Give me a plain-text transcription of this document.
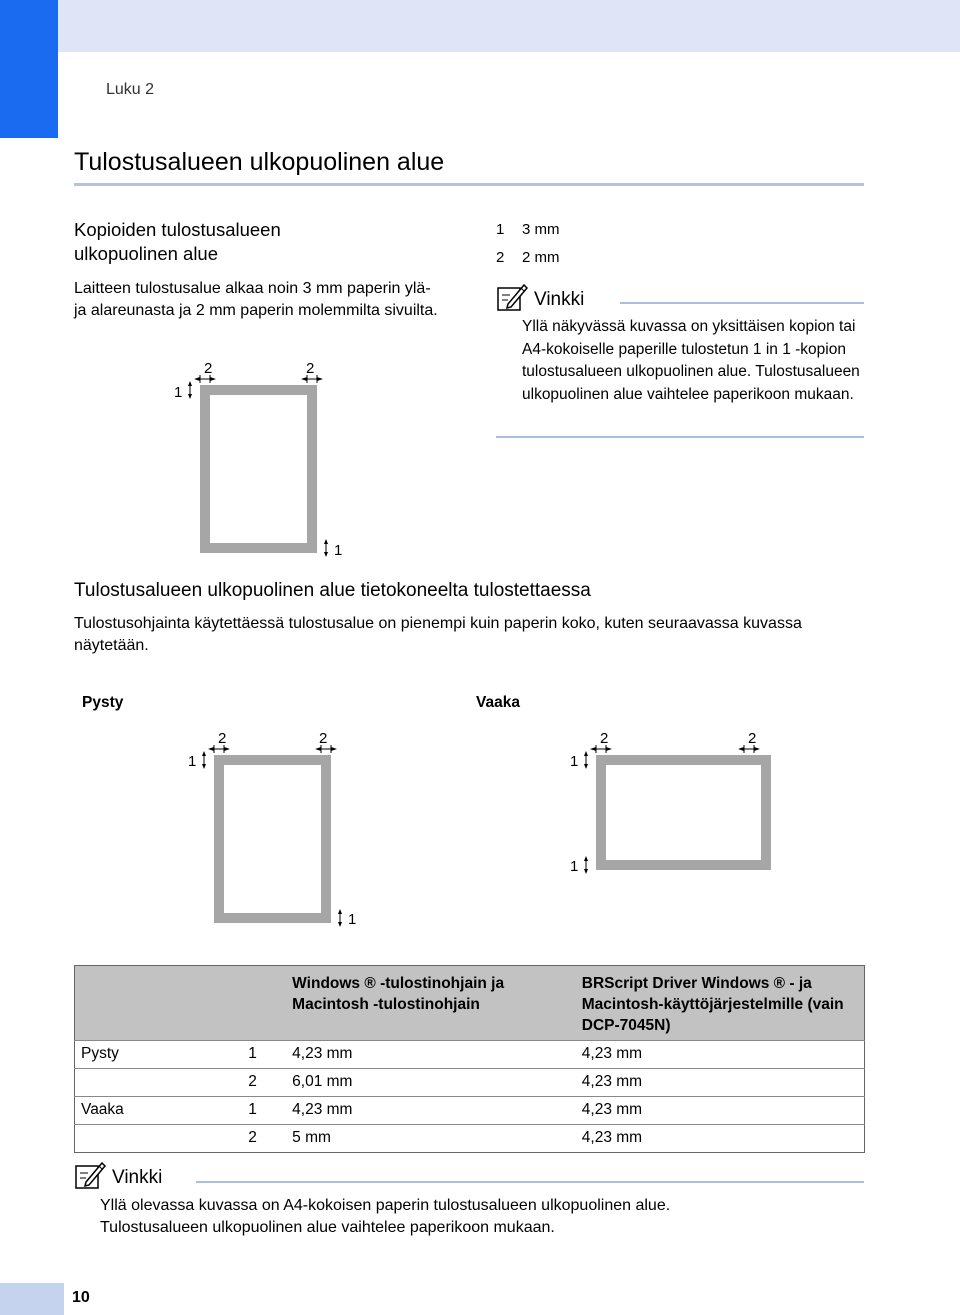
Luku 2
Tulostusalueen ulkopuolinen alue
Kopioiden tulostusalueen ulkopuolinen alue
Laitteen tulostusalue alkaa noin 3 mm paperin ylä- ja alareunasta ja 2 mm paperin molemmilta sivuilta.
2	2
1
1
1 3 mm
2 2 mm
Vinkki
Yllä näkyvässä kuvassa on yksittäisen kopion tai A4-kokoiselle paperille tulostetun 1 in 1 -kopion tulostusalueen ulkopuolinen alue. Tulostusalueen ulkopuolinen alue vaihtelee paperikoon mukaan.
Tulostusalueen ulkopuolinen alue tietokoneelta tulostettaessa
Tulostusohjainta käytettäessä tulostusalue on pienempi kuin paperin koko, kuten seuraavassa kuvassa näytetään.
Pysty	Vaaka
2	2
1
1
2	2
1
1
		Windows ® -tulostinohjain ja Macintosh -tulostinohjain	BRScript Driver Windows ® - ja Macintosh-käyttöjärjestelmille (vain DCP-7045N)
Pysty	1	4,23 mm	4,23 mm
	2	6,01 mm	4,23 mm
Vaaka	1	4,23 mm	4,23 mm
	2	5 mm	4,23 mm
Vinkki
Yllä olevassa kuvassa on A4-kokoisen paperin tulostusalueen ulkopuolinen alue.
Tulostusalueen ulkopuolinen alue vaihtelee paperikoon mukaan.
10
